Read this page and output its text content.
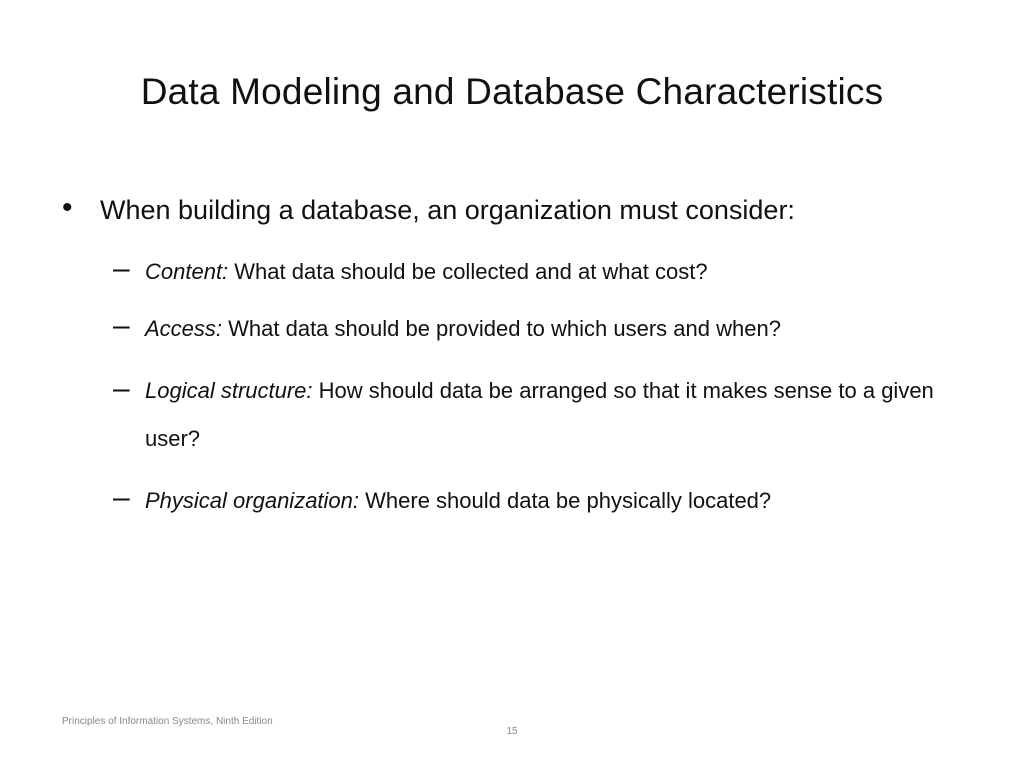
Data Modeling and Database Characteristics
• When building a database, an organization must consider:
– Content: What data should be collected and at what cost?
– Access: What data should be provided to which users and when?
– Logical structure: How should data be arranged so that it makes sense to a given user?
– Physical organization: Where should data be physically located?
Principles of Information Systems, Ninth Edition
15
